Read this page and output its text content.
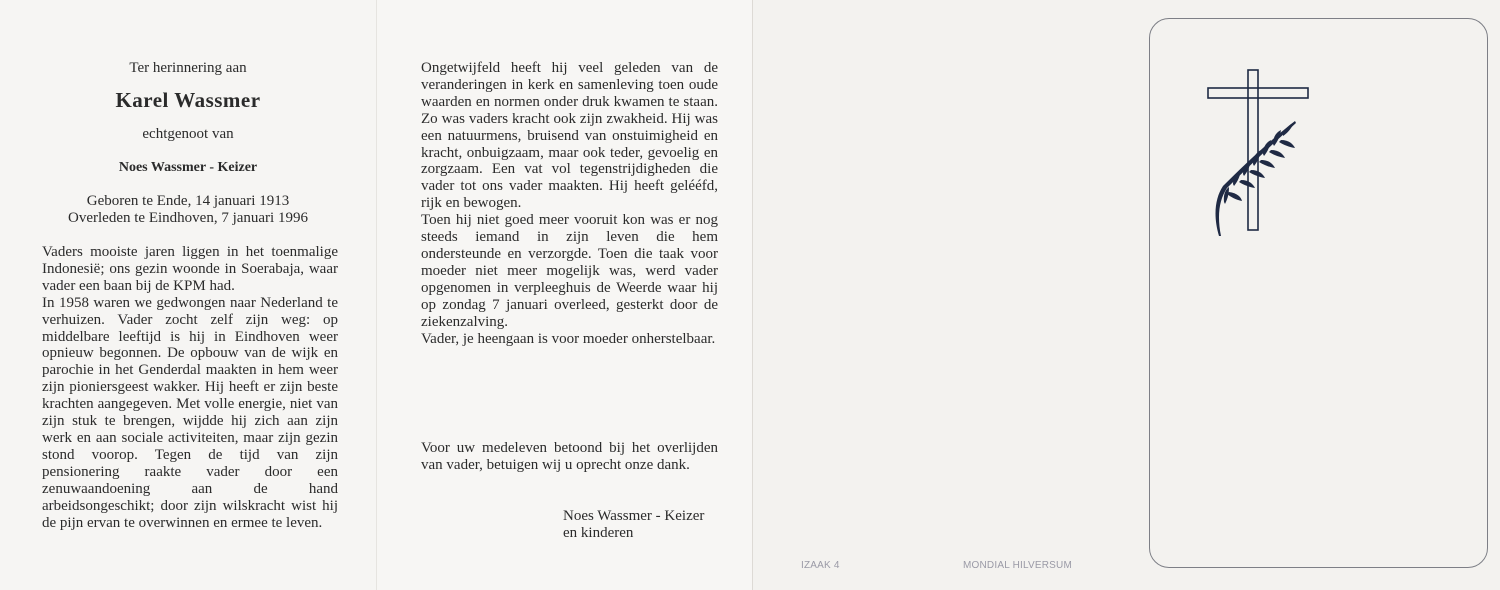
Ter herinnering aan
Karel Wassmer
echtgenoot van
Noes Wassmer - Keizer
Geboren te Ende, 14 januari 1913
Overleden te Eindhoven, 7 januari 1996

Vaders mooiste jaren liggen in het toenmalige Indonesië; ons gezin woonde in Soerabaja, waar vader een baan bij de KPM had.

In 1958 waren we gedwongen naar Nederland te verhuizen. Vader zocht zelf zijn weg: op middelbare leeftijd is hij in Eindhoven weer opnieuw begonnen. De opbouw van de wijk en parochie in het Genderdal maakten in hem weer zijn pioniersgeest wakker. Hij heeft er zijn beste krachten aangegeven. Met volle energie, niet van zijn stuk te brengen, wijdde hij zich aan zijn werk en aan sociale activiteiten, maar zijn gezin stond voorop. Tegen de tijd van zijn pensionering raakte vader door een zenuwaandoening aan de hand arbeidsongeschikt; door zijn wilskracht wist hij de pijn ervan te overwinnen en ermee te leven.

Ongetwijfeld heeft hij veel geleden van de veranderingen in kerk en samenleving toen oude waarden en normen onder druk kwamen te staan. Zo was vaders kracht ook zijn zwakheid. Hij was een natuurmens, bruisend van onstuimigheid en kracht, onbuigzaam, maar ook teder, gevoelig en zorgzaam. Een vat vol tegenstrijdigheden die vader tot ons vader maakten. Hij heeft gelééfd, rijk en bewogen.

Toen hij niet goed meer vooruit kon was er nog steeds iemand in zijn leven die hem ondersteunde en verzorgde. Toen die taak voor moeder niet meer mogelijk was, werd vader opgenomen in verpleeghuis de Weerde waar hij op zondag 7 januari overleed, gesterkt door de ziekenzalving.

Vader, je heengaan is voor moeder onherstelbaar.

Voor uw medeleven betoond bij het overlijden van vader, betuigen wij u oprecht onze dank.

Noes Wassmer - Keizer
en kinderen
IZAAK 4	MONDIAL HILVERSUM
